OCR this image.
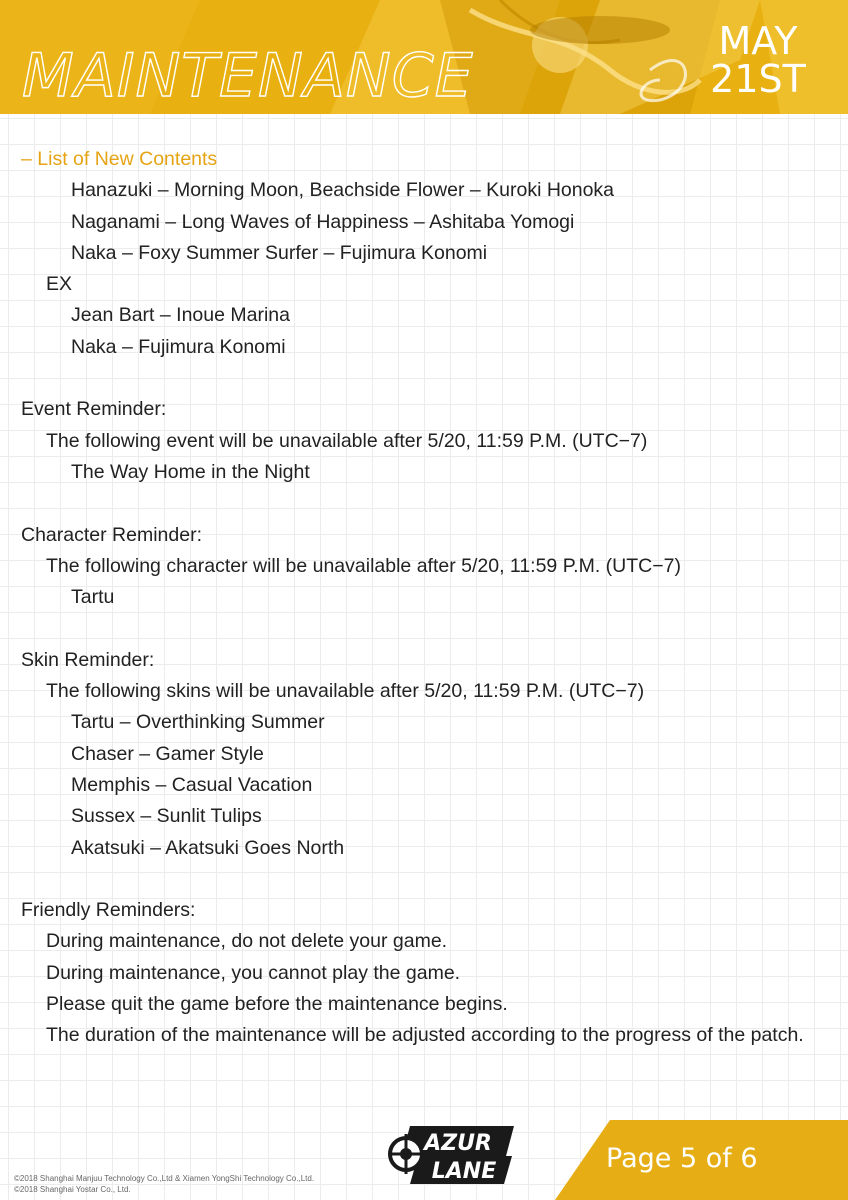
MAINTENANCE	MAY
21ST
– List of New Contents
Hanazuki – Morning Moon, Beachside Flower – Kuroki Honoka
Naganami – Long Waves of Happiness – Ashitaba Yomogi
Naka – Foxy Summer Surfer – Fujimura Konomi
EX
Jean Bart – Inoue Marina
Naka – Fujimura Konomi
Event Reminder:
The following event will be unavailable after 5/20, 11:59 P.M. (UTC−7)
The Way Home in the Night
Character Reminder:
The following character will be unavailable after 5/20, 11:59 P.M. (UTC−7)
Tartu
Skin Reminder:
The following skins will be unavailable after 5/20, 11:59 P.M. (UTC−7)
Tartu – Overthinking Summer
Chaser – Gamer Style
Memphis – Casual Vacation
Sussex – Sunlit Tulips
Akatsuki – Akatsuki Goes North
Friendly Reminders:
During maintenance, do not delete your game.
During maintenance, you cannot play the game.
Please quit the game before the maintenance begins.
The duration of the maintenance will be adjusted according to the progress of the patch.
Page 5 of 6
AZUR
LANE
©2018 Shanghai Manjuu Technology Co.,Ltd & Xiamen YongShi Technology Co.,Ltd.
©2018 Shanghai Yostar Co., Ltd.
